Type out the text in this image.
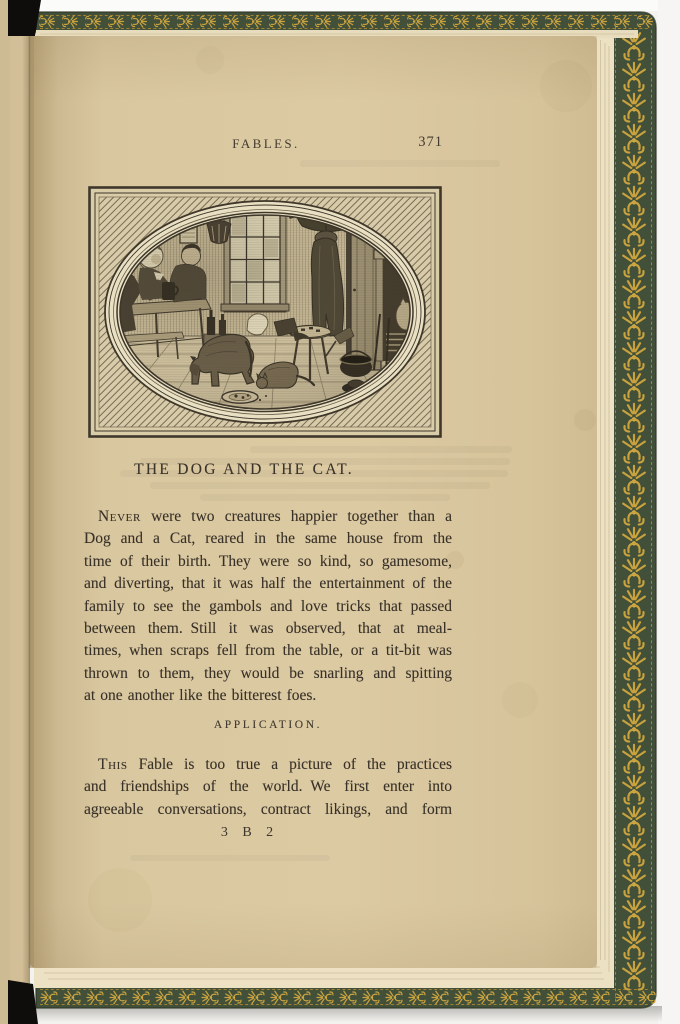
FABLES.	371
THE DOG AND THE CAT.
Never were two creatures happier together than a
Dog and a Cat, reared in the same house from the
time of their birth. They were so kind, so gamesome,
and diverting, that it was half the entertainment of the
family to see the gambols and love tricks that passed
between them. Still it was observed, that at meal-
times, when scraps fell from the table, or a tit-bit was
thrown to them, they would be snarling and spitting
at one another like the bitterest foes.
APPLICATION.
This Fable is too true a picture of the practices
and friendships of the world. We first enter into
agreeable conversations, contract likings, and form
3 B 2
